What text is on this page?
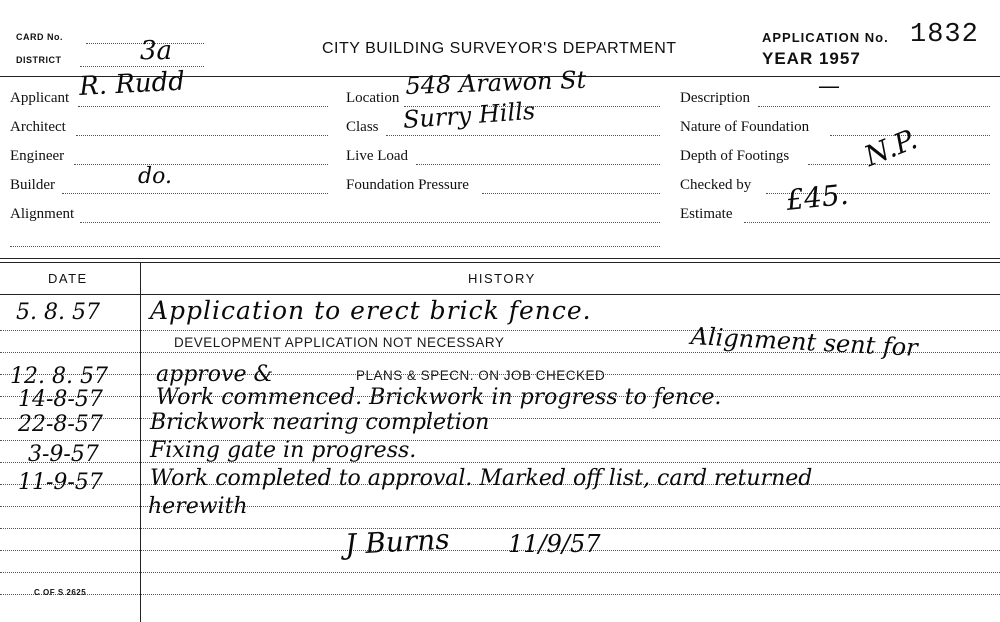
CARD No.
DISTRICT	3a	CITY BUILDING SURVEYOR'S DEPARTMENT
APPLICATION No. 1832
YEAR 1957
Applicant R. Rudd
Architect
Engineer
Builder	do.
Alignment
Location 548 Arawon St
Class Surry Hills
Live Load
Foundation Pressure
Description	—
Nature of Foundation
Depth of Footings	N.P.
Checked by
Estimate £45.
DATE	HISTORY
5. 8. 57 Application to erect brick fence.
DEVELOPMENT APPLICATION NOT NECESSARY	Alignment sent for
12. 8. 57 approve &	PLANS & SPECN. ON JOB CHECKED
14-8-57 Work commenced. Brickwork in progress to fence.
22-8-57 Brickwork nearing completion
3-9-57 Fixing gate in progress.
11-9-57 Work completed to approval. Marked off list, card returned
herewith
J Burns 11/9/57
C OF S 2625
